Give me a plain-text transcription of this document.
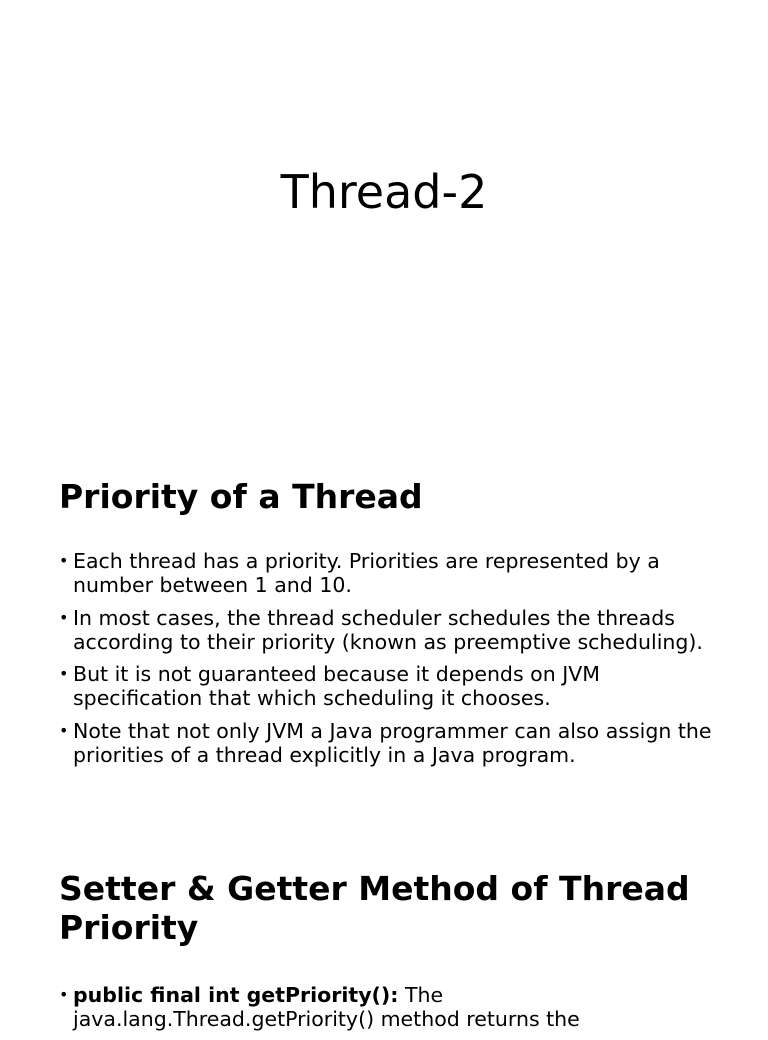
Thread-2
Priority of a Thread
• Each thread has a priority. Priorities are represented by a number between 1 and 10.
• In most cases, the thread scheduler schedules the threads according to their priority (known as preemptive scheduling).
• But it is not guaranteed because it depends on JVM specification that which scheduling it chooses.
• Note that not only JVM a Java programmer can also assign the priorities of a thread explicitly in a Java program.
Setter & Getter Method of Thread Priority
• public final int getPriority(): The java.lang.Thread.getPriority() method returns the
